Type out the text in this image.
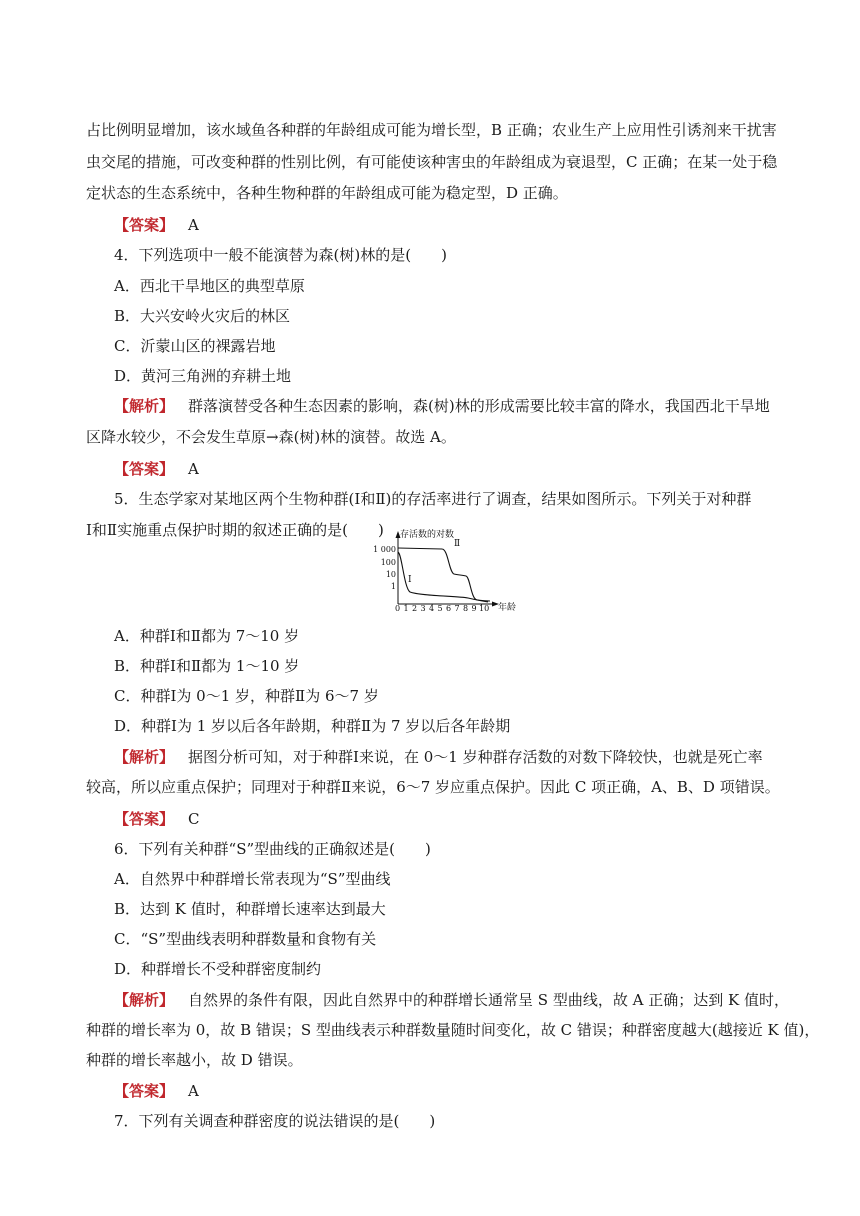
占比例明显增加，该水域鱼各种群的年龄组成可能为增长型，B 正确；农业生产上应用性引诱剂来干扰害
虫交尾的措施，可改变种群的性别比例，有可能使该种害虫的年龄组成为衰退型，C 正确；在某一处于稳
定状态的生态系统中，各种生物种群的年龄组成可能为稳定型，D 正确。
【答案】 A
4．下列选项中一般不能演替为森(树)林的是(　　)
A．西北干旱地区的典型草原
B．大兴安岭火灾后的林区
C．沂蒙山区的裸露岩地
D．黄河三角洲的弃耕土地
【解析】 群落演替受各种生态因素的影响，森(树)林的形成需要比较丰富的降水，我国西北干旱地
区降水较少，不会发生草原→森(树)林的演替。故选 A。
【答案】 A
5．生态学家对某地区两个生物种群(Ⅰ和Ⅱ)的存活率进行了调查，结果如图所示。下列关于对种群
Ⅰ和Ⅱ实施重点保护时期的叙述正确的是(　　)	存活数的对数
年龄
1 000
100
10
1
0 1 2 3 4 5 6 7 8 9 10
Ⅱ
Ⅰ
A．种群Ⅰ和Ⅱ都为 7～10 岁
B．种群Ⅰ和Ⅱ都为 1～10 岁
C．种群Ⅰ为 0～1 岁，种群Ⅱ为 6～7 岁
D．种群Ⅰ为 1 岁以后各年龄期，种群Ⅱ为 7 岁以后各年龄期
【解析】 据图分析可知，对于种群Ⅰ来说，在 0～1 岁种群存活数的对数下降较快，也就是死亡率
较高，所以应重点保护；同理对于种群Ⅱ来说，6～7 岁应重点保护。因此 C 项正确，A、B、D 项错误。
【答案】 C
6．下列有关种群“S”型曲线的正确叙述是(　　)
A．自然界中种群增长常表现为“S”型曲线
B．达到 K 值时，种群增长速率达到最大
C．“S”型曲线表明种群数量和食物有关
D．种群增长不受种群密度制约
【解析】 自然界的条件有限，因此自然界中的种群增长通常呈 S 型曲线，故 A 正确；达到 K 值时，
种群的增长率为 0，故 B 错误；S 型曲线表示种群数量随时间变化，故 C 错误；种群密度越大(越接近 K 值)，
种群的增长率越小，故 D 错误。
【答案】 A
7．下列有关调查种群密度的说法错误的是(　　)
